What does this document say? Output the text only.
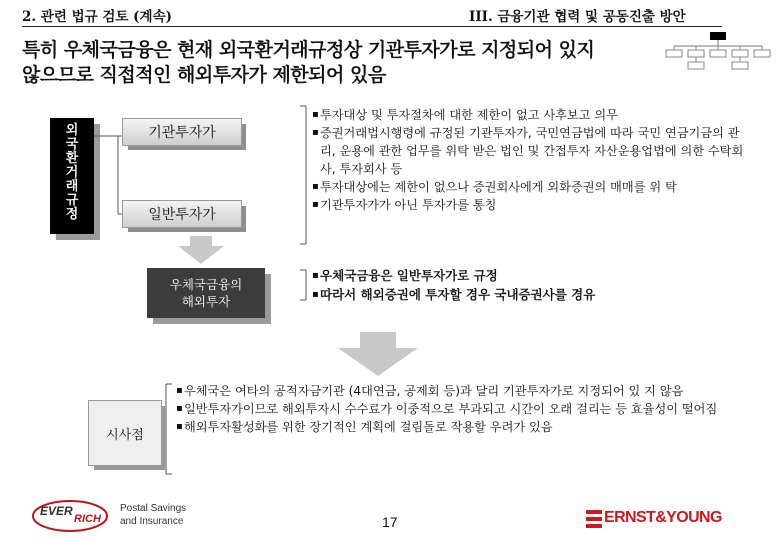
2. 관련 법규 검토 (계속)	III. 금융기관 협력 및 공동진출 방안
특히 우체국금융은 현재 외국환거래규정상 기관투자가로 지정되어 있지
않으므로 직접적인 해외투자가 제한되어 있음
외
국
환
거
래
규
정
기관투자가
일반투자가
우체국금융의
해외투자
▪ 투자대상 및 투자절차에 대한 제한이 없고 사후보고 의무
▪ 증권거래법시행령에 규정된 기관투자가, 국민연금법에 따라 국민 연금기금의 관리, 운용에 관한 업무를 위탁 받은 법인 및 간접투자 자산운용업법에 의한 수탁회사, 투자회사 등
▪ 투자대상에는 제한이 없으나 증권회사에게 외화증권의 매매를 위 탁
▪ 기관투자가가 아닌 투자가를 통칭
▪ 우체국금융은 일반투자가로 규정
▪ 따라서 해외증권에 투자할 경우 국내증권사를 경유
시사점
▪ 우체국은 여타의 공적자금기관 (4대연금, 공제회 등)과 달리 기관투자가로 지정되어 있 지 않음
▪ 일반투자가이므로 해외투자시 수수료가 이중적으로 부과되고 시간이 오래 걸리는 등 효율성이 떨어짐
▪ 해외투자활성화를 위한 장기적인 계획에 걸림돌로 작용할 우려가 있음
EVER
RICH
Postal Savings
and Insurance	17	ERNST&YOUNG
